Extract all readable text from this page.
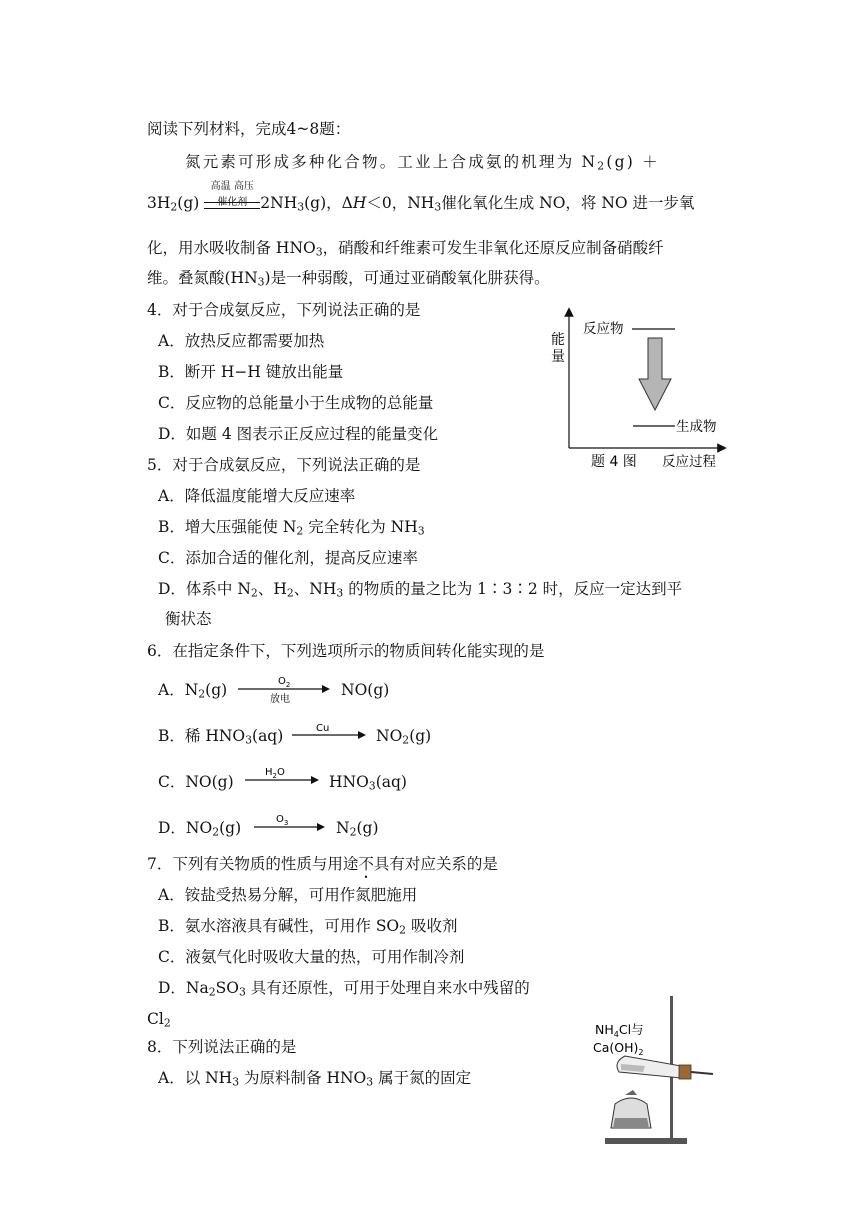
阅读下列材料，完成4~8题：
氮元素可形成多种化合物。工业上合成氨的机理为 $N_2(g)$ ＋
$3H_2(g)$
高温 高压
催化剂 $2NH_3(g)$，ΔH＜0，$NH_3$催化氧化生成 NO，将 NO 进一步氧
化，用水吸收制备 $HNO_3$，硝酸和纤维素可发生非氧化还原反应制备硝酸纤
维。叠氮酸$(HN_3)$是一种弱酸，可通过亚硝酸氧化肼获得。
4．对于合成氨反应，下列说法正确的是
A．放热反应都需要加热
B．断开 H−H 键放出能量
C．反应物的总能量小于生成物的总能量
D．如题 4 图表示正反应过程的能量变化
能
量
反应物
生成物
题 4 图 反应过程
5．对于合成氨反应，下列说法正确的是
A．降低温度能增大反应速率
B．增大压强能使 $N_2$ 完全转化为 $NH_3$
C．添加合适的催化剂，提高反应速率
D．体系中 $N_2$、$H_2$、$NH_3$ 的物质的量之比为 1∶3∶2 时，反应一定达到平
衡状态
6．在指定条件下，下列选项所示的物质间转化能实现的是
A．$N_2(g)$	$O_2$
放电
NO(g)
B．稀 $HNO_3(aq)$	Cu	$NO_2(g)$
C．NO(g)
$H_2O$
$HNO_3(aq)$
D．$NO_2(g)$	$O_3$	$N_2(g)$
7．下列有关物质的性质与用途不具有对应关系的是
A．铵盐受热易分解，可用作氮肥施用
B．氨水溶液具有碱性，可用作 $SO_2$ 吸收剂
C．液氨气化时吸收大量的热，可用作制冷剂
D．$Na_2SO_3$ 具有还原性，可用于处理自来水中残留的
$Cl_2$
8．下列说法正确的是
A．以 $NH_3$ 为原料制备 $HNO_3$ 属于氮的固定
$NH_4Cl$与
$Ca(OH)_2$
